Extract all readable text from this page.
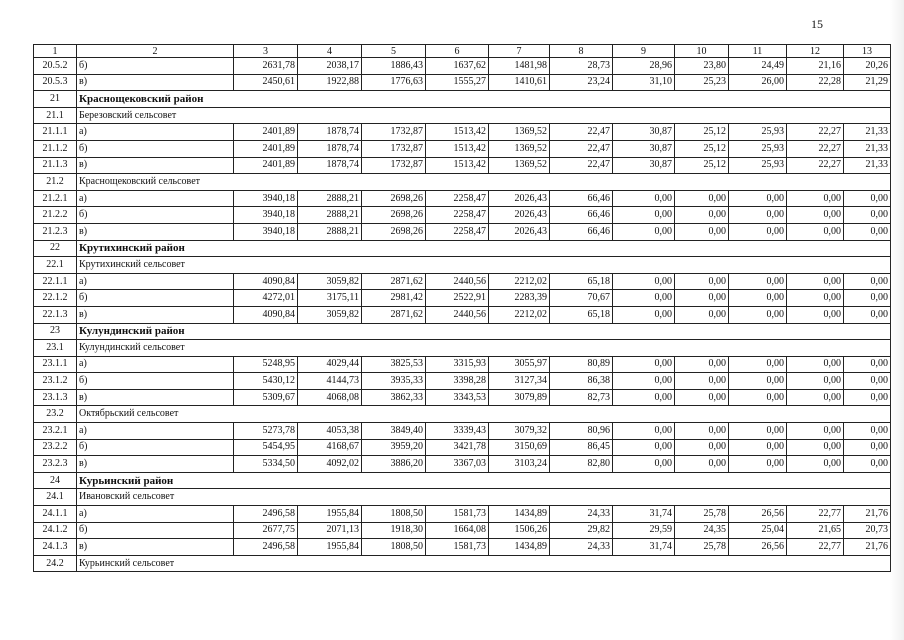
15
1	2	3	4	5	6	7	8	9	10	11	12	13
20.5.2	б)	2631,78	2038,17	1886,43	1637,62	1481,98	28,73	28,96	23,80	24,49	21,16	20,26
20.5.3	в)	2450,61	1922,88	1776,63	1555,27	1410,61	23,24	31,10	25,23	26,00	22,28	21,29
21	Краснощековский район											
21.1	Березовский сельсовет											
21.1.1	а)	2401,89	1878,74	1732,87	1513,42	1369,52	22,47	30,87	25,12	25,93	22,27	21,33
21.1.2	б)	2401,89	1878,74	1732,87	1513,42	1369,52	22,47	30,87	25,12	25,93	22,27	21,33
21.1.3	в)	2401,89	1878,74	1732,87	1513,42	1369,52	22,47	30,87	25,12	25,93	22,27	21,33
21.2	Краснощековский сельсовет											
21.2.1	а)	3940,18	2888,21	2698,26	2258,47	2026,43	66,46	0,00	0,00	0,00	0,00	0,00
21.2.2	б)	3940,18	2888,21	2698,26	2258,47	2026,43	66,46	0,00	0,00	0,00	0,00	0,00
21.2.3	в)	3940,18	2888,21	2698,26	2258,47	2026,43	66,46	0,00	0,00	0,00	0,00	0,00
22	Крутихинский район											
22.1	Крутихинский сельсовет											
22.1.1	а)	4090,84	3059,82	2871,62	2440,56	2212,02	65,18	0,00	0,00	0,00	0,00	0,00
22.1.2	б)	4272,01	3175,11	2981,42	2522,91	2283,39	70,67	0,00	0,00	0,00	0,00	0,00
22.1.3	в)	4090,84	3059,82	2871,62	2440,56	2212,02	65,18	0,00	0,00	0,00	0,00	0,00
23	Кулундинский район											
23.1	Кулундинский сельсовет											
23.1.1	а)	5248,95	4029,44	3825,53	3315,93	3055,97	80,89	0,00	0,00	0,00	0,00	0,00
23.1.2	б)	5430,12	4144,73	3935,33	3398,28	3127,34	86,38	0,00	0,00	0,00	0,00	0,00
23.1.3	в)	5309,67	4068,08	3862,33	3343,53	3079,89	82,73	0,00	0,00	0,00	0,00	0,00
23.2	Октябрьский сельсовет											
23.2.1	а)	5273,78	4053,38	3849,40	3339,43	3079,32	80,96	0,00	0,00	0,00	0,00	0,00
23.2.2	б)	5454,95	4168,67	3959,20	3421,78	3150,69	86,45	0,00	0,00	0,00	0,00	0,00
23.2.3	в)	5334,50	4092,02	3886,20	3367,03	3103,24	82,80	0,00	0,00	0,00	0,00	0,00
24	Курьинский район											
24.1	Ивановский сельсовет											
24.1.1	а)	2496,58	1955,84	1808,50	1581,73	1434,89	24,33	31,74	25,78	26,56	22,77	21,76
24.1.2	б)	2677,75	2071,13	1918,30	1664,08	1506,26	29,82	29,59	24,35	25,04	21,65	20,73
24.1.3	в)	2496,58	1955,84	1808,50	1581,73	1434,89	24,33	31,74	25,78	26,56	22,77	21,76
24.2	Курьинский сельсовет											
